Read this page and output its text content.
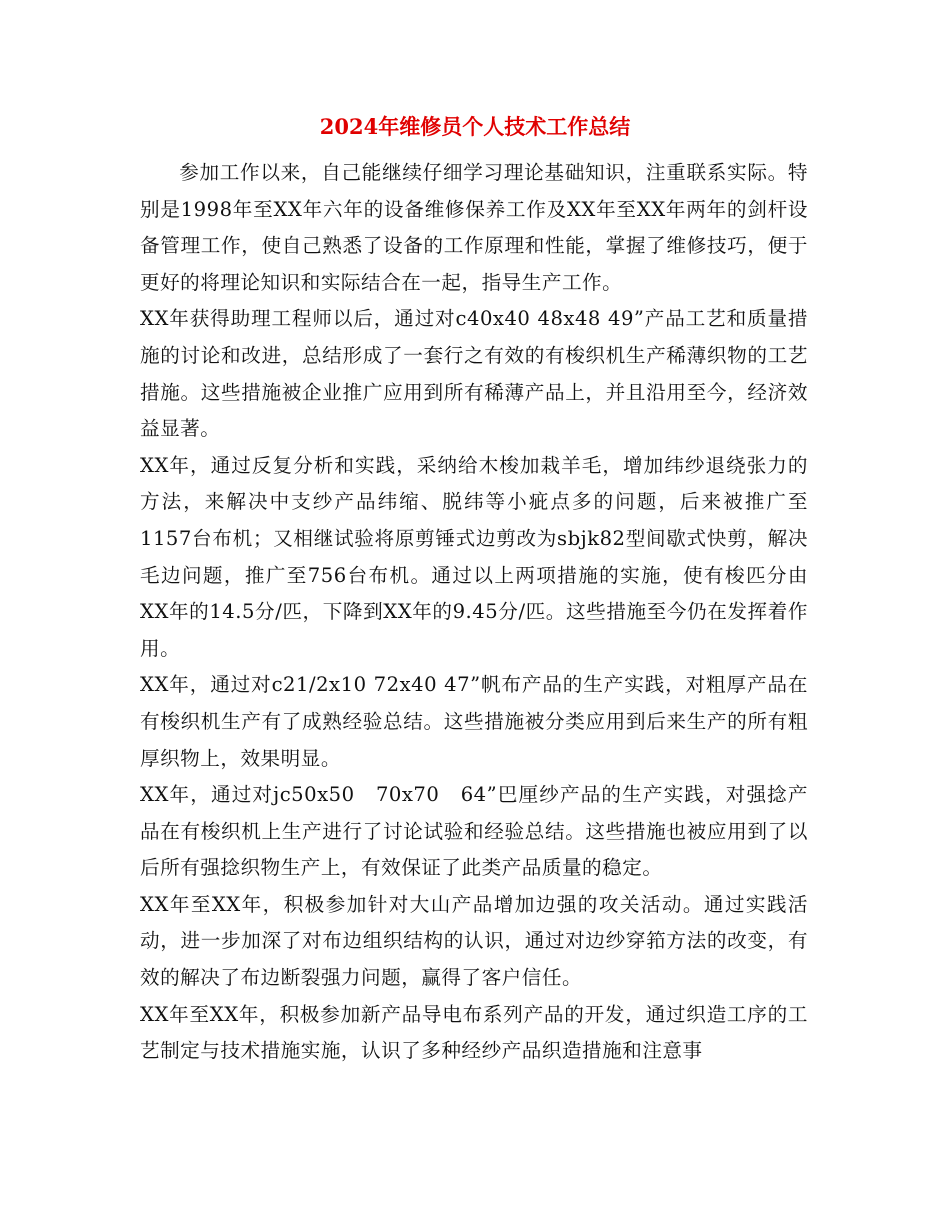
2024年维修员个人技术工作总结

参加工作以来，自己能继续仔细学习理论基础知识，注重联系实际。特别是1998年至XX年六年的设备维修保养工作及XX年至XX年两年的剑杆设备管理工作，使自己熟悉了设备的工作原理和性能，掌握了维修技巧，便于更好的将理论知识和实际结合在一起，指导生产工作。

XX年获得助理工程师以后，通过对c40x40 48x48 49”产品工艺和质量措施的讨论和改进，总结形成了一套行之有效的有梭织机生产稀薄织物的工艺措施。这些措施被企业推广应用到所有稀薄产品上，并且沿用至今，经济效益显著。

XX年，通过反复分析和实践，采纳给木梭加栽羊毛，增加纬纱退绕张力的方法，来解决中支纱产品纬缩、脱纬等小疵点多的问题，后来被推广至1157台布机；又相继试验将原剪锤式边剪改为sbjk82型间歇式快剪，解决毛边问题，推广至756台布机。通过以上两项措施的实施，使有梭匹分由XX年的14.5分/匹，下降到XX年的9.45分/匹。这些措施至今仍在发挥着作用。

XX年，通过对c21/2x10 72x40 47”帆布产品的生产实践，对粗厚产品在有梭织机生产有了成熟经验总结。这些措施被分类应用到后来生产的所有粗厚织物上，效果明显。

XX年，通过对jc50x50　70x70　64”巴厘纱产品的生产实践，对强捻产品在有梭织机上生产进行了讨论试验和经验总结。这些措施也被应用到了以后所有强捻织物生产上，有效保证了此类产品质量的稳定。

XX年至XX年，积极参加针对大山产品增加边强的攻关活动。通过实践活动，进一步加深了对布边组织结构的认识，通过对边纱穿筘方法的改变，有效的解决了布边断裂强力问题，赢得了客户信任。

XX年至XX年，积极参加新产品导电布系列产品的开发，通过织造工序的工艺制定与技术措施实施，认识了多种经纱产品织造措施和注意事
